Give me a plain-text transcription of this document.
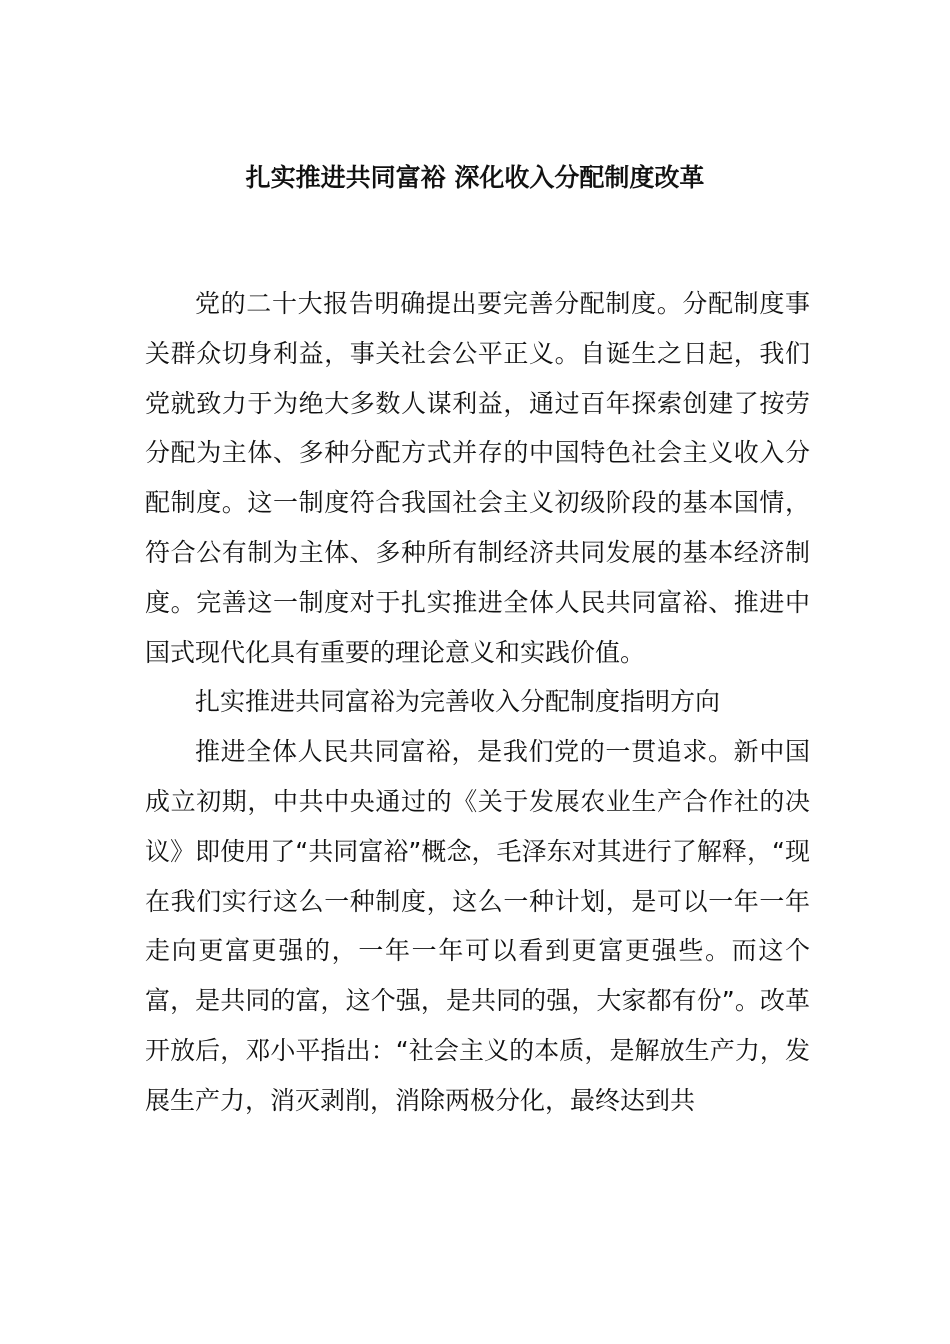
扎实推进共同富裕 深化收入分配制度改革

党的二十大报告明确提出要完善分配制度。分配制度事关群众切身利益，事关社会公平正义。自诞生之日起，我们党就致力于为绝大多数人谋利益，通过百年探索创建了按劳分配为主体、多种分配方式并存的中国特色社会主义收入分配制度。这一制度符合我国社会主义初级阶段的基本国情，符合公有制为主体、多种所有制经济共同发展的基本经济制度。完善这一制度对于扎实推进全体人民共同富裕、推进中国式现代化具有重要的理论意义和实践价值。

扎实推进共同富裕为完善收入分配制度指明方向

推进全体人民共同富裕，是我们党的一贯追求。新中国成立初期，中共中央通过的《关于发展农业生产合作社的决议》即使用了“共同富裕”概念，毛泽东对其进行了解释，“现在我们实行这么一种制度，这么一种计划，是可以一年一年走向更富更强的，一年一年可以看到更富更强些。而这个富，是共同的富，这个强，是共同的强，大家都有份”。改革开放后，邓小平指出：“社会主义的本质，是解放生产力，发展生产力，消灭剥削，消除两极分化，最终达到共
